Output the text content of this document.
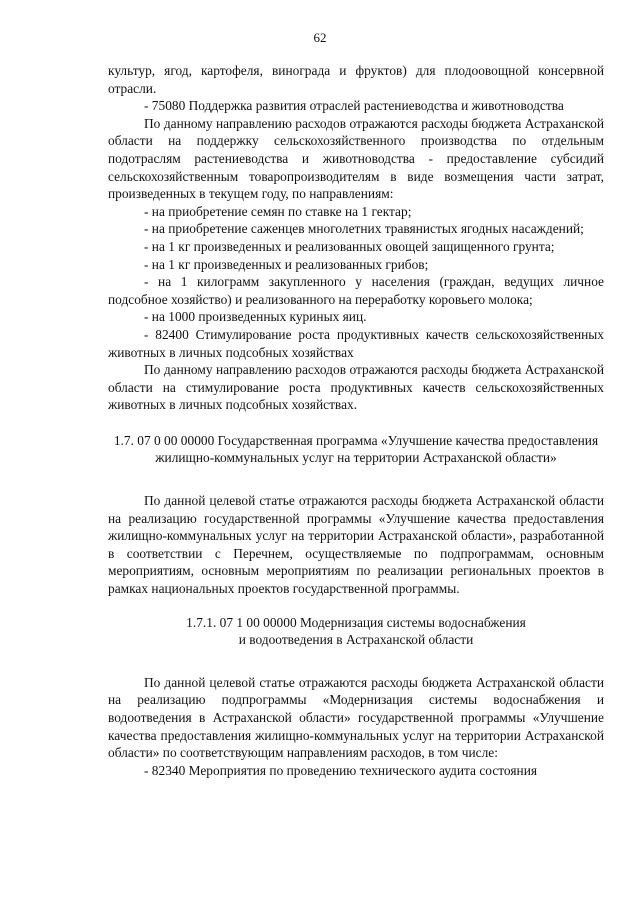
62

культур, ягод, картофеля, винограда и фруктов) для плодоовощной консервной отрасли.

- 75080 Поддержка развития отраслей растениеводства и животноводства

По данному направлению расходов отражаются расходы бюджета Астраханской области на поддержку сельскохозяйственного производства по отдельным подотраслям растениеводства и животноводства - предоставление субсидий сельскохозяйственным товаропроизводителям в виде возмещения части затрат, произведенных в текущем году, по направлениям:

- на приобретение семян по ставке на 1 гектар;

- на приобретение саженцев многолетних травянистых ягодных насаждений;

- на 1 кг произведенных и реализованных овощей защищенного грунта;

- на 1 кг произведенных и реализованных грибов;

- на 1 килограмм закупленного у населения (граждан, ведущих личное подсобное хозяйство) и реализованного на переработку коровьего молока;

- на 1000 произведенных куриных яиц.

- 82400 Стимулирование роста продуктивных качеств сельскохозяйственных животных в личных подсобных хозяйствах

По данному направлению расходов отражаются расходы бюджета Астраханской области на стимулирование роста продуктивных качеств сельскохозяйственных животных в личных подсобных хозяйствах.

1.7. 07 0 00 00000 Государственная программа «Улучшение качества предоставления жилищно-коммунальных услуг на территории Астраханской области»

По данной целевой статье отражаются расходы бюджета Астраханской области на реализацию государственной программы «Улучшение качества предоставления жилищно-коммунальных услуг на территории Астраханской области», разработанной в соответствии с Перечнем, осуществляемые по подпрограммам, основным мероприятиям, основным мероприятиям по реализации региональных проектов в рамках национальных проектов государственной программы.

1.7.1. 07 1 00 00000 Модернизация системы водоснабжения

и водоотведения в Астраханской области

По данной целевой статье отражаются расходы бюджета Астраханской области на реализацию подпрограммы «Модернизация системы водоснабжения и водоотведения в Астраханской области» государственной программы «Улучшение качества предоставления жилищно-коммунальных услуг на территории Астраханской области» по соответствующим направлениям расходов, в том числе:

- 82340 Мероприятия по проведению технического аудита состояния
